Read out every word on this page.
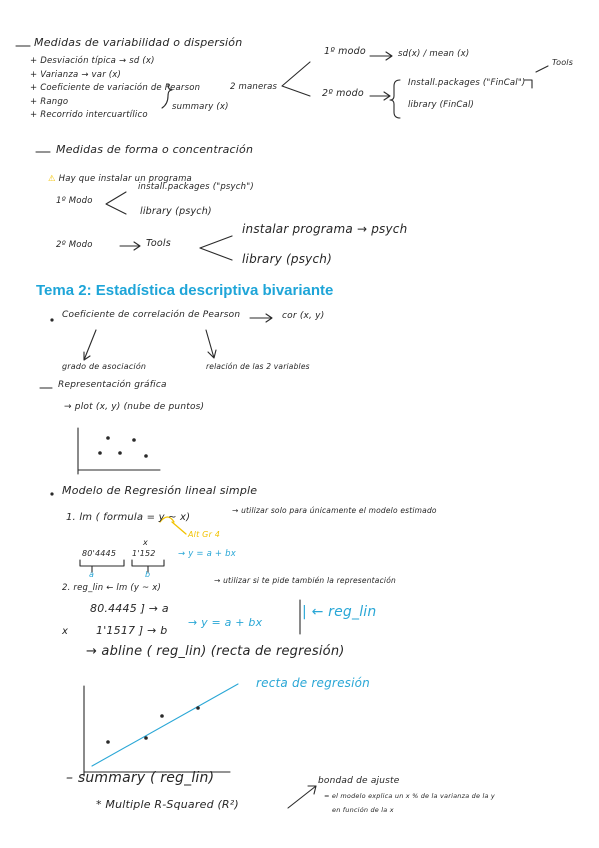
Medidas de variabilidad o dispersión
+ Desviación típica → sd (x)
+ Varianza → var (x)
+ Coeficiente de variación de Pearson
+ Rango
+ Recorrido intercuartílico
2 maneras
summary (x)
1º modo	sd(x) / mean (x)
2º modo
Install.packages ("FinCal")
library (FinCal)
Tools
Medidas de forma o concentración
⚠ Hay que instalar un programa
1º Modo
install.packages ("psych")
library (psych)
2º Modo	Tools
instalar programa → psych
library (psych)
Tema 2: Estadística descriptiva bivariante
Coeficiente de correlación de Pearson	cor (x, y)
grado de asociación	relación de las 2 variables
Representación gráfica
→ plot (x, y) (nube de puntos)
Modelo de Regresión lineal simple
1. lm ( formula = y ~ x)
Alt Gr 4
→ utilizar solo para únicamente el modelo estimado
80'4445
x
1'152
a	b
→ y = a + bx
2. reg_lin ← lm (y ~ x)
→ utilizar si te pide también la representación
80.4445 ] → a
x	1'1517 ] → b
→ y = a + bx
| ← reg_lin
→ abline ( reg_lin) (recta de regresión)
recta de regresión
– summary ( reg_lin)
* Multiple R-Squared (R²)
bondad de ajuste
= el modelo explica un x % de la varianza de la y
en función de la x
